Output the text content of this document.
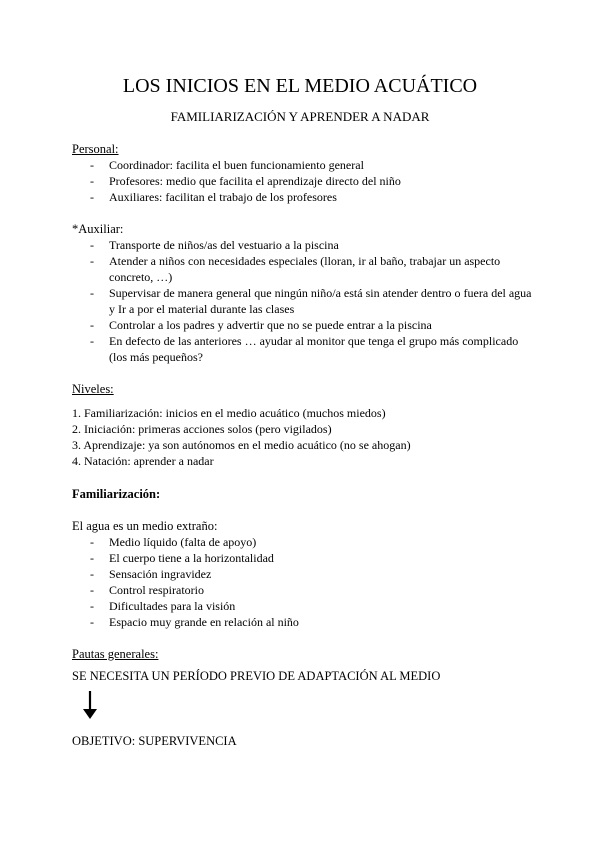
LOS INICIOS EN EL MEDIO ACUÁTICO
FAMILIARIZACIÓN Y APRENDER A NADAR
Personal:
- Coordinador: facilita el buen funcionamiento general
- Profesores: medio que facilita el aprendizaje directo del niño
- Auxiliares: facilitan el trabajo de los profesores
*Auxiliar:
- Transporte de niños/as del vestuario a la piscina
- Atender a niños con necesidades especiales (lloran, ir al baño, trabajar un aspecto concreto, …)
- Supervisar de manera general que ningún niño/a está sin atender dentro o fuera del agua y Ir a por el material durante las clases
- Controlar a los padres y advertir que no se puede entrar a la piscina
- En defecto de las anteriores … ayudar al monitor que tenga el grupo más complicado (los más pequeños?
Niveles:
1. Familiarización: inicios en el medio acuático (muchos miedos)
2. Iniciación: primeras acciones solos (pero vigilados)
3. Aprendizaje: ya son autónomos en el medio acuático (no se ahogan)
4. Natación: aprender a nadar
Familiarización:
El agua es un medio extraño:
- Medio líquido (falta de apoyo)
- El cuerpo tiene a la horizontalidad
- Sensación ingravidez
- Control respiratorio
- Dificultades para la visión
- Espacio muy grande en relación al niño
Pautas generales:
SE NECESITA UN PERÍODO PREVIO DE ADAPTACIÓN AL MEDIO
OBJETIVO: SUPERVIVENCIA
